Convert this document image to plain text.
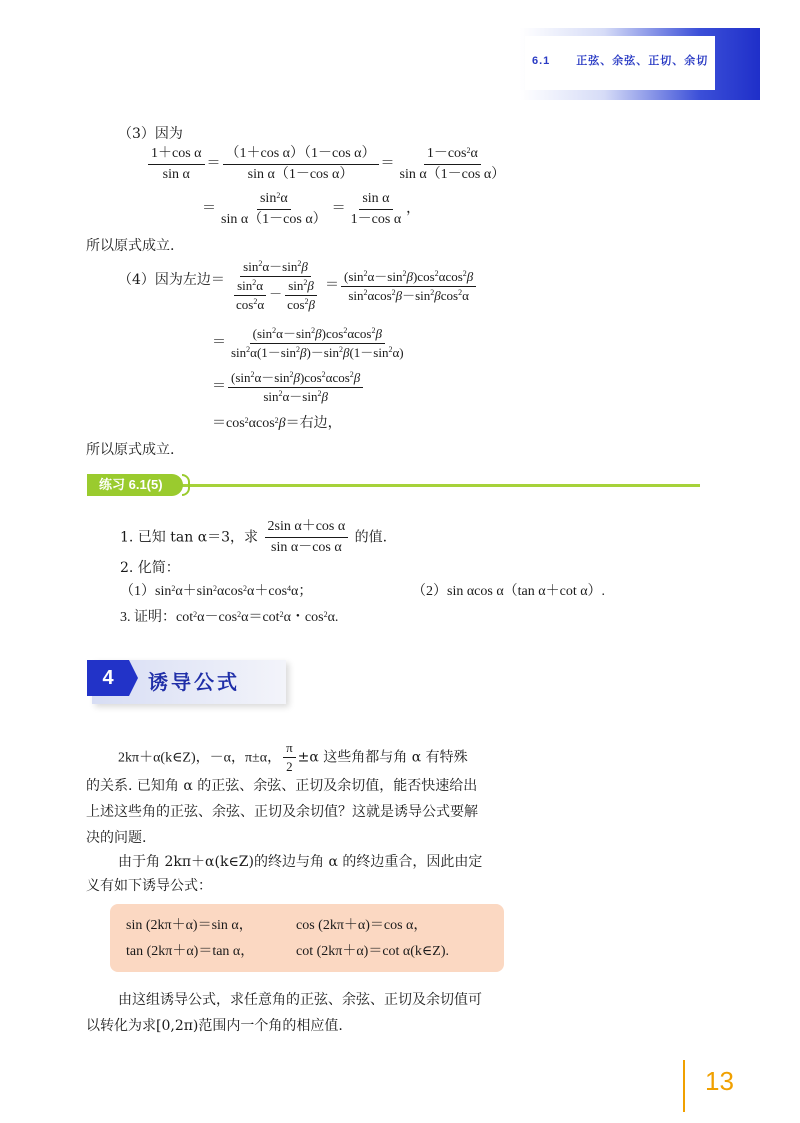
6.1 正弦、余弦、正切、余切
（3）因为
$\frac{\text{1＋cos α}}{\text{sin α}} = \frac{\text{（1＋cos α）（1－cos α）}}{\text{sin α（1－cos α）}} = \frac{1-\cos^2\alpha}{\text{sin α（1－cos α）}}$
＝ $\frac{\sin^2\alpha}{\text{sin α（1－cos α）}} = \frac{\text{sin α}}{\text{1－cos α}}$ ，
所以原式成立.
（4）因为左边＝ $\frac{\sin^2\alpha-\sin^2\beta}{\frac{\sin^2\alpha}{\cos^2\alpha} - \frac{\sin^2\beta}{\cos^2\beta}} = \frac{(\sin^2\alpha-\sin^2\beta)\cos^2\alpha\cos^2\beta}{\sin^2\alpha\cos^2\beta-\sin^2\beta\cos^2\alpha}$
＝ $\frac{(\sin^2\alpha-\sin^2\beta)\cos^2\alpha\cos^2\beta}{\sin^2\alpha(1-\sin^2\beta)-\sin^2\beta(1-\sin^2\alpha)}$
＝ $\frac{(\sin^2\alpha-\sin^2\beta)\cos^2\alpha\cos^2\beta}{\sin^2\alpha-\sin^2\beta}$
$=\cos^2\alpha\cos^2\beta=$右边，
所以原式成立.
练习 6.1(5)
1. 已知 tan α＝3，求 $\frac{\text{2sin α＋cos α}}{\text{sin α－cos α}}$ 的值.
2. 化简：
$(1)\sin^2\alpha+\sin^2\alpha\cos^2\alpha+\cos^4\alpha$；	（2）sin αcos α（tan α＋cot α）.
3. 证明：$\cot^2\alpha-\cos^2\alpha=\cot^2\alpha$・$\cos^2\alpha$.
4	诱导公式
2kπ＋α(k∈Z)，－α，π±α， $\frac{\pi}{2} \pm\alpha$ 这些角都与角 α 有特殊
的关系. 已知角 α 的正弦、余弦、正切及余切值，能否快速给出
上述这些角的正弦、余弦、正切及余切值？这就是诱导公式要解
决的问题.
由于角 2kπ＋α(k∈Z)的终边与角 α 的终边重合，因此由定
义有如下诱导公式：
sin (2kπ＋α)＝sin α，	cos (2kπ＋α)＝cos α，
tan (2kπ＋α)＝tan α，	cot (2kπ＋α)＝cot α(k∈Z).
由这组诱导公式，求任意角的正弦、余弦、正切及余切值可
以转化为求[0,2π)范围内一个角的相应值.
13
